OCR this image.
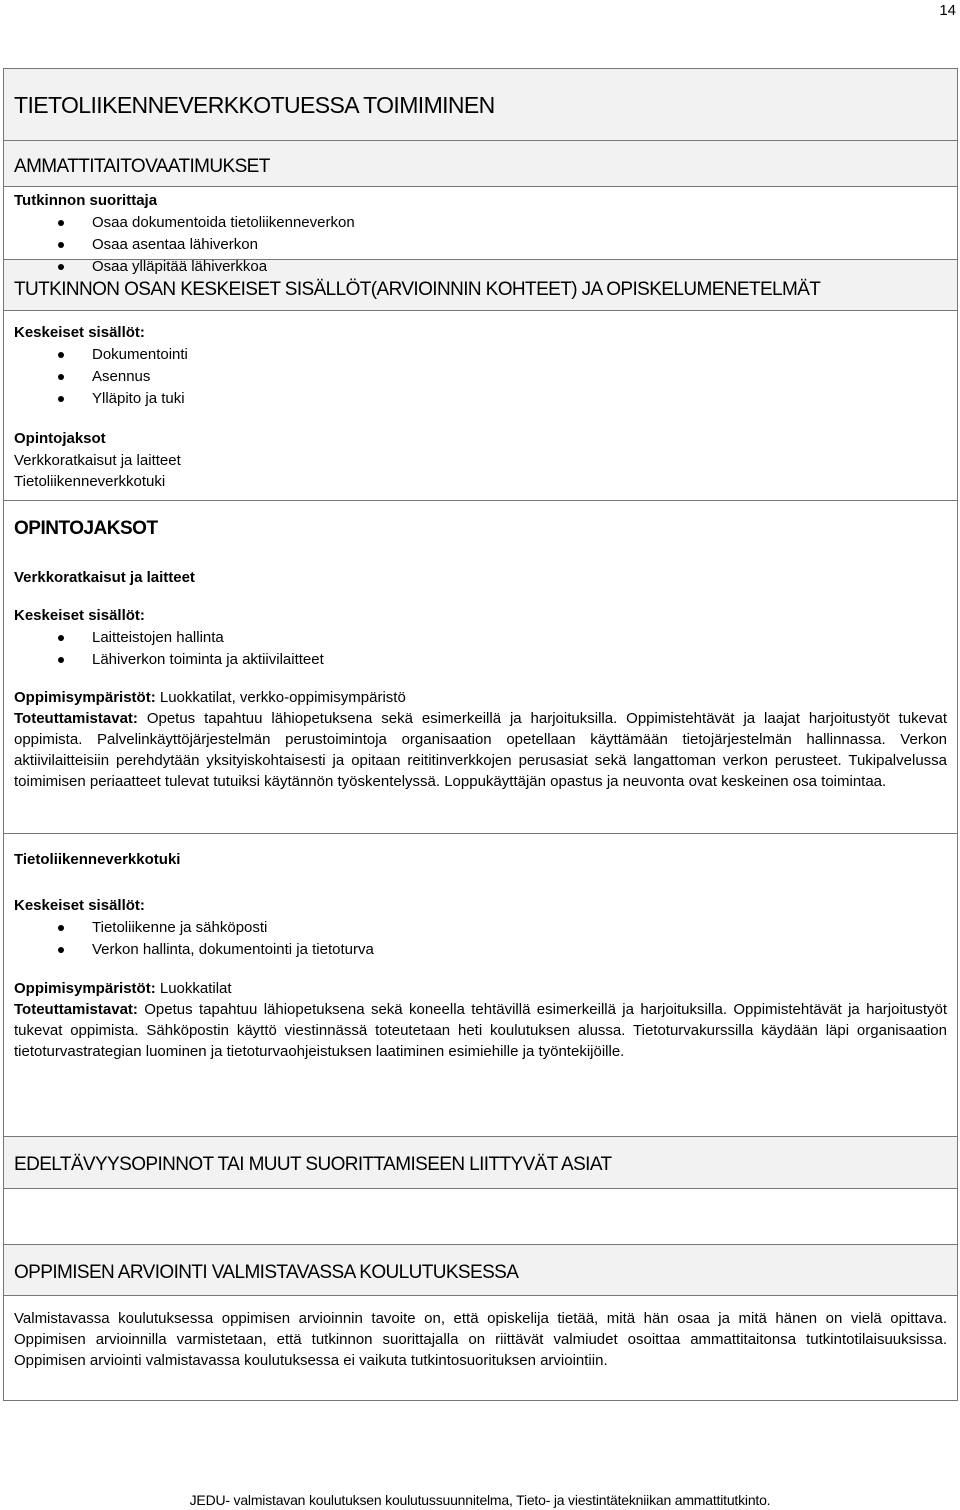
14
TIETOLIIKENNEVERKKOTUESSA TOIMIMINEN
AMMATTITAITOVAATIMUKSET
Tutkinnon suorittaja
Osaa dokumentoida tietoliikenneverkon
Osaa asentaa lähiverkon
Osaa ylläpitää lähiverkkoa
TUTKINNON OSAN KESKEISET SISÄLLÖT(ARVIOINNIN KOHTEET) JA OPISKELUMENETELMÄT
Keskeiset sisällöt:
Dokumentointi
Asennus
Ylläpito ja tuki
Opintojaksot
Verkkoratkaisut ja laitteet
Tietoliikenneverkkotuki
OPINTOJAKSOT
Verkkoratkaisut ja laitteet
Keskeiset sisällöt:
Laitteistojen hallinta
Lähiverkon toiminta ja aktiivilaitteet
Oppimisympäristöt: Luokkatilat, verkko-oppimisympäristö
Toteuttamistavat: Opetus tapahtuu lähiopetuksena sekä esimerkeillä ja harjoituksilla. Oppimistehtävät ja laajat harjoitustyöt tukevat oppimista. Palvelinkäyttöjärjestelmän perustoimintoja organisaation opetellaan käyttämään tietojärjestelmän hallinnassa. Verkon aktiivilaitteisiin perehdytään yksityiskohtaisesti ja opitaan reititinverkkojen perusasiat sekä langattoman verkon perusteet. Tukipalvelussa toimimisen periaatteet tulevat tutuiksi käytännön työskentelyssä. Loppukäyttäjän opastus ja neuvonta ovat keskeinen osa toimintaa.
Tietoliikenneverkkotuki
Keskeiset sisällöt:
Tietoliikenne ja sähköposti
Verkon hallinta, dokumentointi ja tietoturva
Oppimisympäristöt: Luokkatilat
Toteuttamistavat: Opetus tapahtuu lähiopetuksena sekä koneella tehtävillä esimerkeillä ja harjoituksilla. Oppimistehtävät ja harjoitustyöt tukevat oppimista. Sähköpostin käyttö viestinnässä toteutetaan heti koulutuksen alussa. Tietoturvakurssilla käydään läpi organisaation tietoturvastrategian luominen ja tietoturvaohjeistuksen laatiminen esimiehille ja työntekijöille.
EDELTÄVYYSOPINNOT TAI MUUT SUORITTAMISEEN LIITTYVÄT ASIAT
OPPIMISEN ARVIOINTI VALMISTAVASSA KOULUTUKSESSA
Valmistavassa koulutuksessa oppimisen arvioinnin tavoite on, että opiskelija tietää, mitä hän osaa ja mitä hänen on vielä opittava. Oppimisen arvioinnilla varmistetaan, että tutkinnon suorittajalla on riittävät valmiudet osoittaa ammattitaitonsa tutkintotilaisuuksissa. Oppimisen arviointi valmistavassa koulutuksessa ei vaikuta tutkintosuorituksen arviointiin.
JEDU- valmistavan koulutuksen koulutussuunnitelma, Tieto- ja viestintätekniikan ammattitutkinto.
